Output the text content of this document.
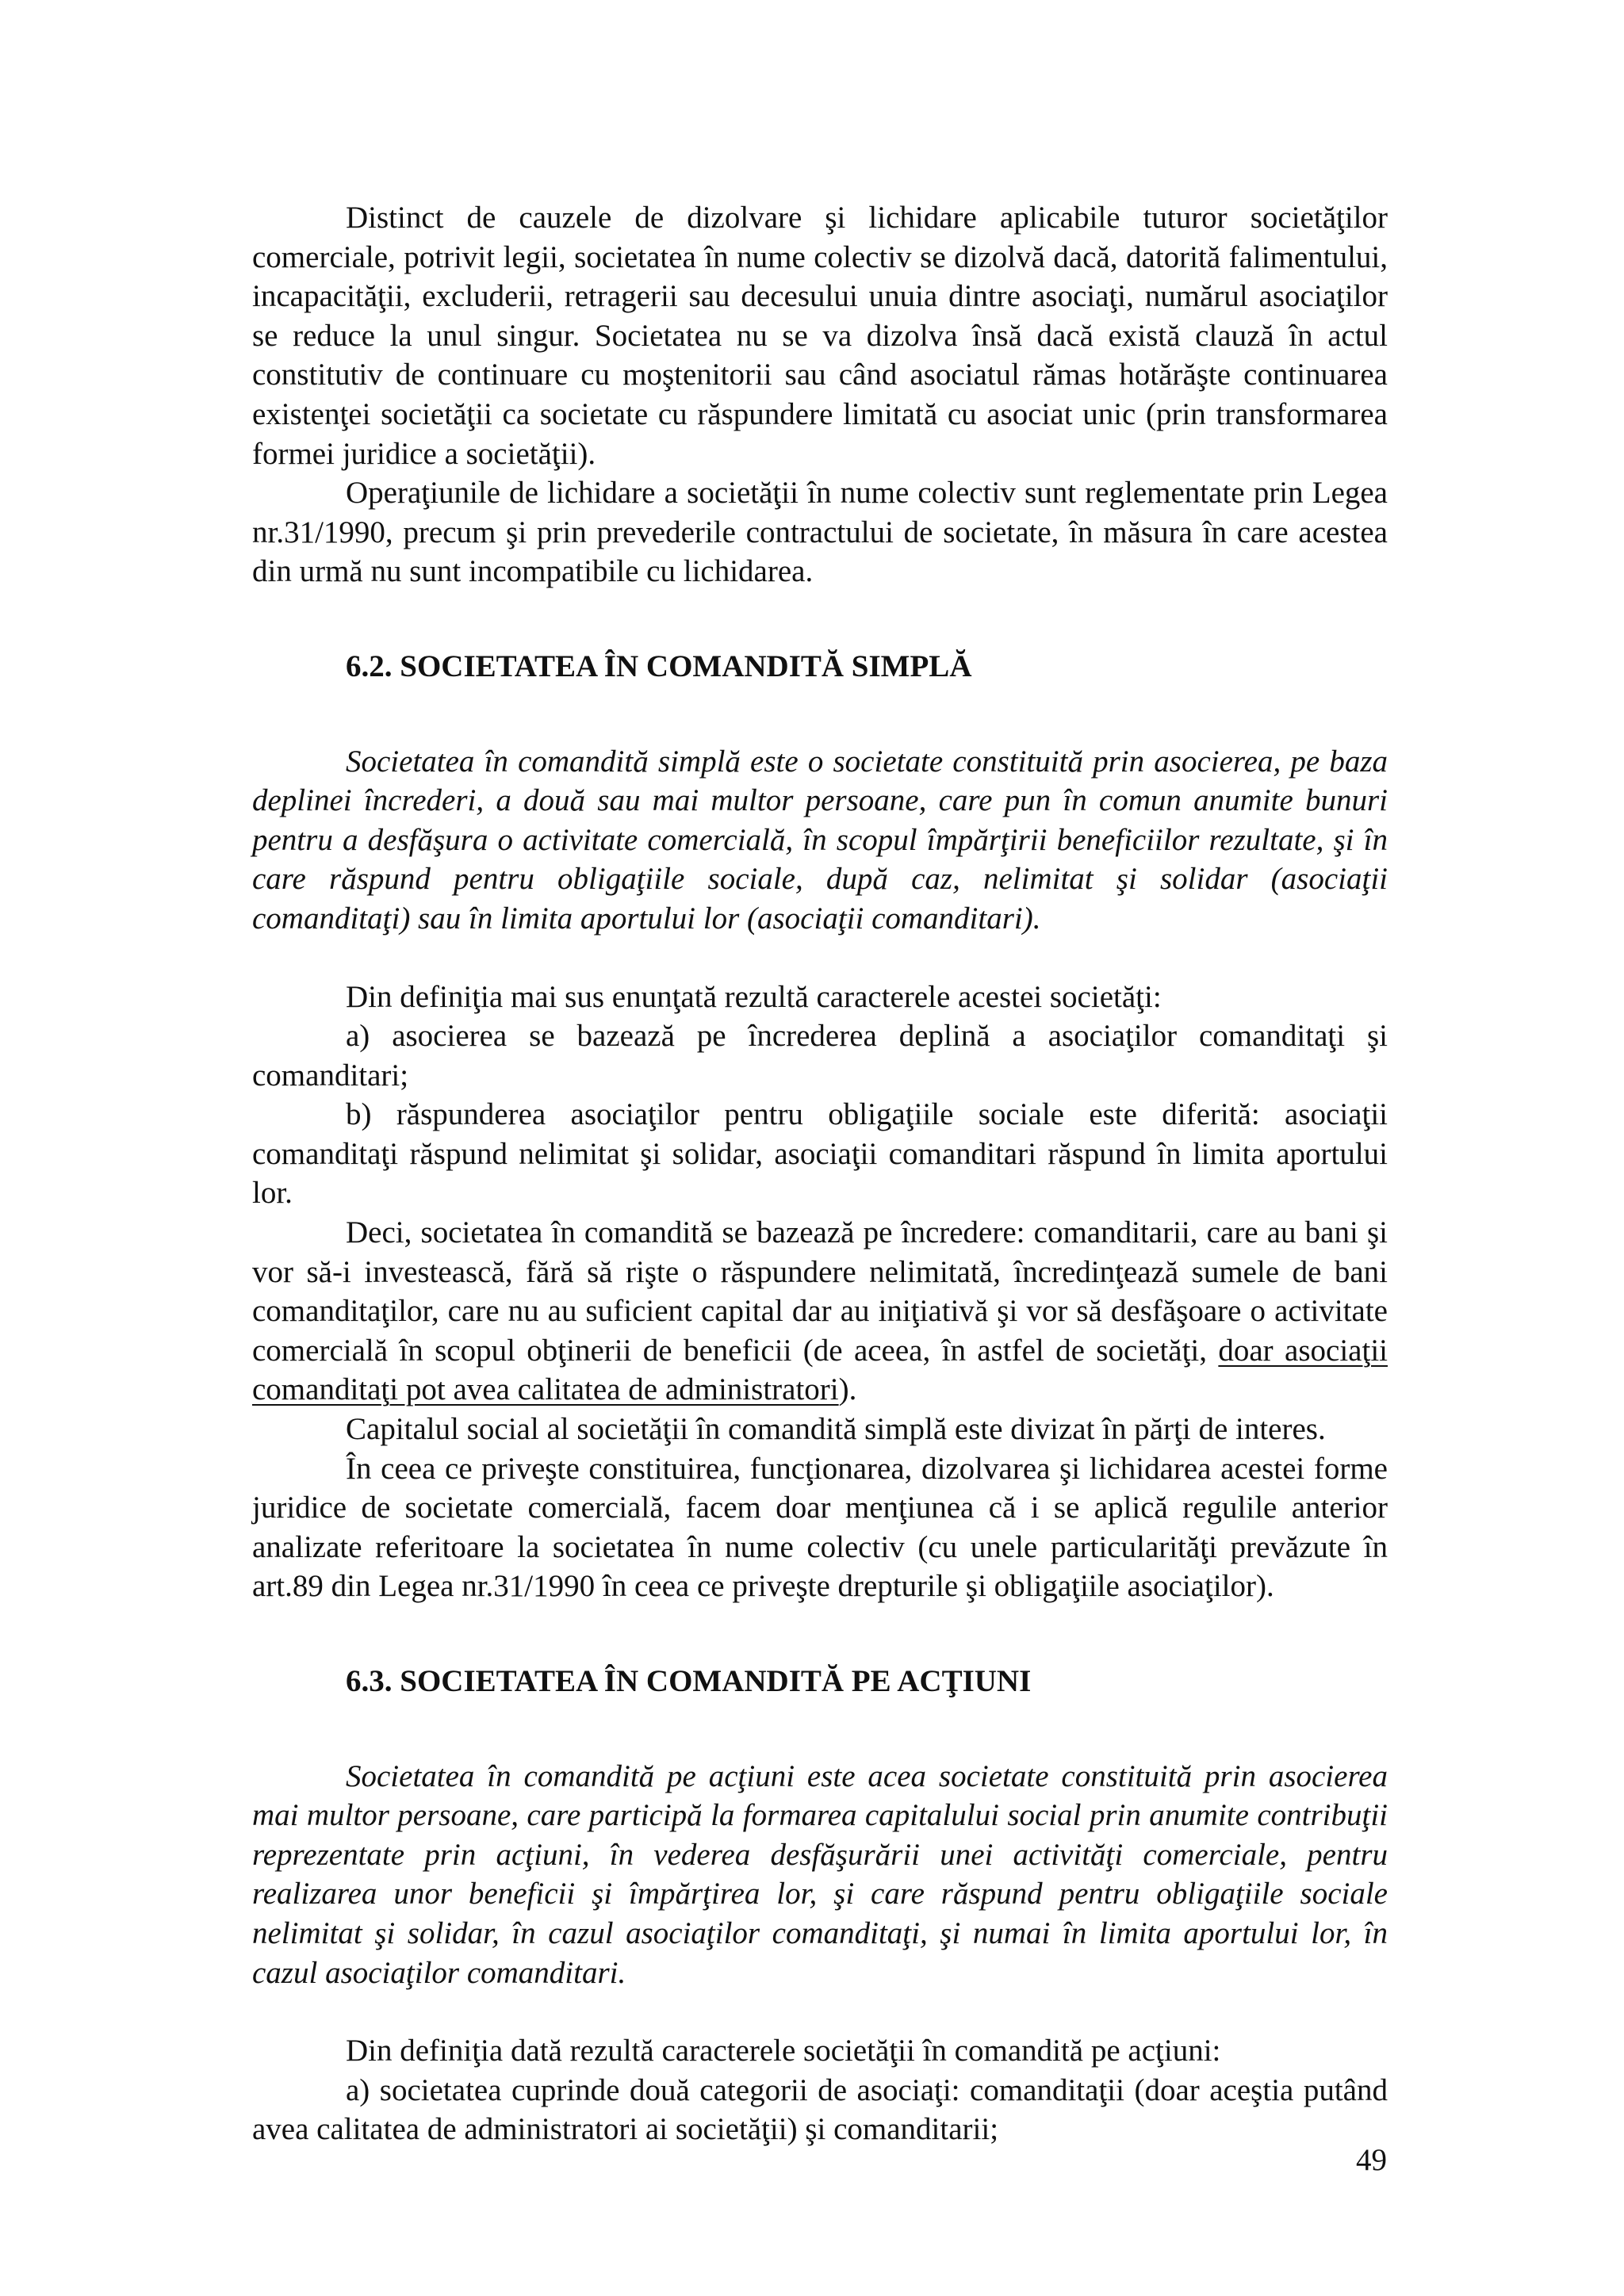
Distinct de cauzele de dizolvare şi lichidare aplicabile tuturor societăţilor comerciale, potrivit legii, societatea în nume colectiv se dizolvă dacă, datorită falimentului, incapacităţii, excluderii, retragerii sau decesului unuia dintre asociaţi, numărul asociaţilor se reduce la unul singur. Societatea nu se va dizolva însă dacă există clauză în actul constitutiv de continuare cu moştenitorii sau când asociatul rămas hotărăşte continuarea existenţei societăţii ca societate cu răspundere limitată cu asociat unic (prin transformarea formei juridice a societăţii).

Operaţiunile de lichidare a societăţii în nume colectiv sunt reglementate prin Legea nr.31/1990, precum şi prin prevederile contractului de societate, în măsura în care acestea din urmă nu sunt incompatibile cu lichidarea.

6.2. SOCIETATEA ÎN COMANDITĂ SIMPLĂ

Societatea în comandită simplă este o societate constituită prin asocierea, pe baza deplinei încrederi, a două sau mai multor persoane, care pun în comun anumite bunuri pentru a desfăşura o activitate comercială, în scopul împărţirii beneficiilor rezultate, şi în care răspund pentru obligaţiile sociale, după caz, nelimitat şi solidar (asociaţii comanditaţi) sau în limita aportului lor (asociaţii comanditari).

Din definiţia mai sus enunţată rezultă caracterele acestei societăţi:

a) asocierea se bazează pe încrederea deplină a asociaţilor comanditaţi şi comanditari;

b) răspunderea asociaţilor pentru obligaţiile sociale este diferită: asociaţii comanditaţi răspund nelimitat şi solidar, asociaţii comanditari răspund în limita aportului lor.

Deci, societatea în comandită se bazează pe încredere: comanditarii, care au bani şi vor să-i investească, fără să rişte o răspundere nelimitată, încredinţează sumele de bani comanditaţilor, care nu au suficient capital dar au iniţiativă şi vor să desfăşoare o activitate comercială în scopul obţinerii de beneficii (de aceea, în astfel de societăţi, doar asociaţii comanditaţi pot avea calitatea de administratori).

Capitalul social al societăţii în comandită simplă este divizat în părţi de interes.

În ceea ce priveşte constituirea, funcţionarea, dizolvarea şi lichidarea acestei forme juridice de societate comercială, facem doar menţiunea că i se aplică regulile anterior analizate referitoare la societatea în nume colectiv (cu unele particularităţi prevăzute în art.89 din Legea nr.31/1990 în ceea ce priveşte drepturile şi obligaţiile asociaţilor).

6.3. SOCIETATEA ÎN COMANDITĂ PE ACŢIUNI

Societatea în comandită pe acţiuni este acea societate constituită prin asocierea mai multor persoane, care participă la formarea capitalului social prin anumite contribuţii reprezentate prin acţiuni, în vederea desfăşurării unei activităţi comerciale, pentru realizarea unor beneficii şi împărţirea lor, şi care răspund pentru obligaţiile sociale nelimitat şi solidar, în cazul asociaţilor comanditaţi, şi numai în limita aportului lor, în cazul asociaţilor comanditari.

Din definiţia dată rezultă caracterele societăţii în comandită pe acţiuni:

a) societatea cuprinde două categorii de asociaţi: comanditaţii (doar aceştia putând avea calitatea de administratori ai societăţii) şi comanditarii;

49
